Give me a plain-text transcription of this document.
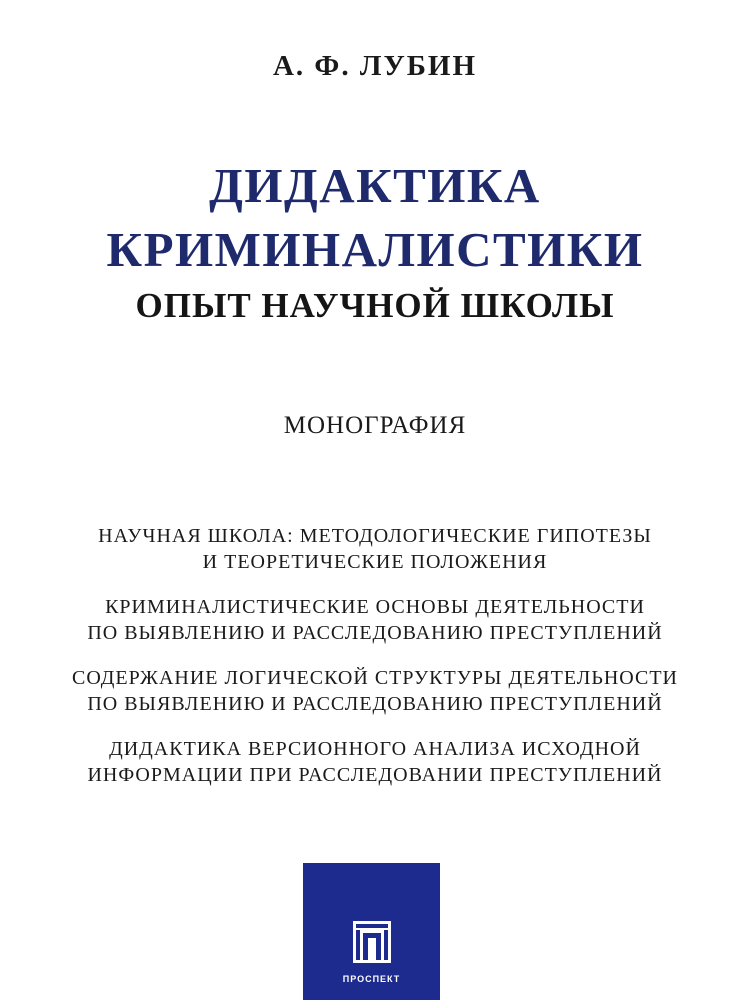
А. Ф. ЛУБИН
ДИДАКТИКА
КРИМИНАЛИСТИКИ
ОПЫТ НАУЧНОЙ ШКОЛЫ
МОНОГРАФИЯ
НАУЧНАЯ ШКОЛА: МЕТОДОЛОГИЧЕСКИЕ ГИПОТЕЗЫ
И ТЕОРЕТИЧЕСКИЕ ПОЛОЖЕНИЯ
КРИМИНАЛИСТИЧЕСКИЕ ОСНОВЫ ДЕЯТЕЛЬНОСТИ
ПО ВЫЯВЛЕНИЮ И РАССЛЕДОВАНИЮ ПРЕСТУПЛЕНИЙ
СОДЕРЖАНИЕ ЛОГИЧЕСКОЙ СТРУКТУРЫ ДЕЯТЕЛЬНОСТИ
ПО ВЫЯВЛЕНИЮ И РАССЛЕДОВАНИЮ ПРЕСТУПЛЕНИЙ
ДИДАКТИКА ВЕРСИОННОГО АНАЛИЗА ИСХОДНОЙ
ИНФОРМАЦИИ ПРИ РАССЛЕДОВАНИИ ПРЕСТУПЛЕНИЙ
ПРОСПЕКТ
